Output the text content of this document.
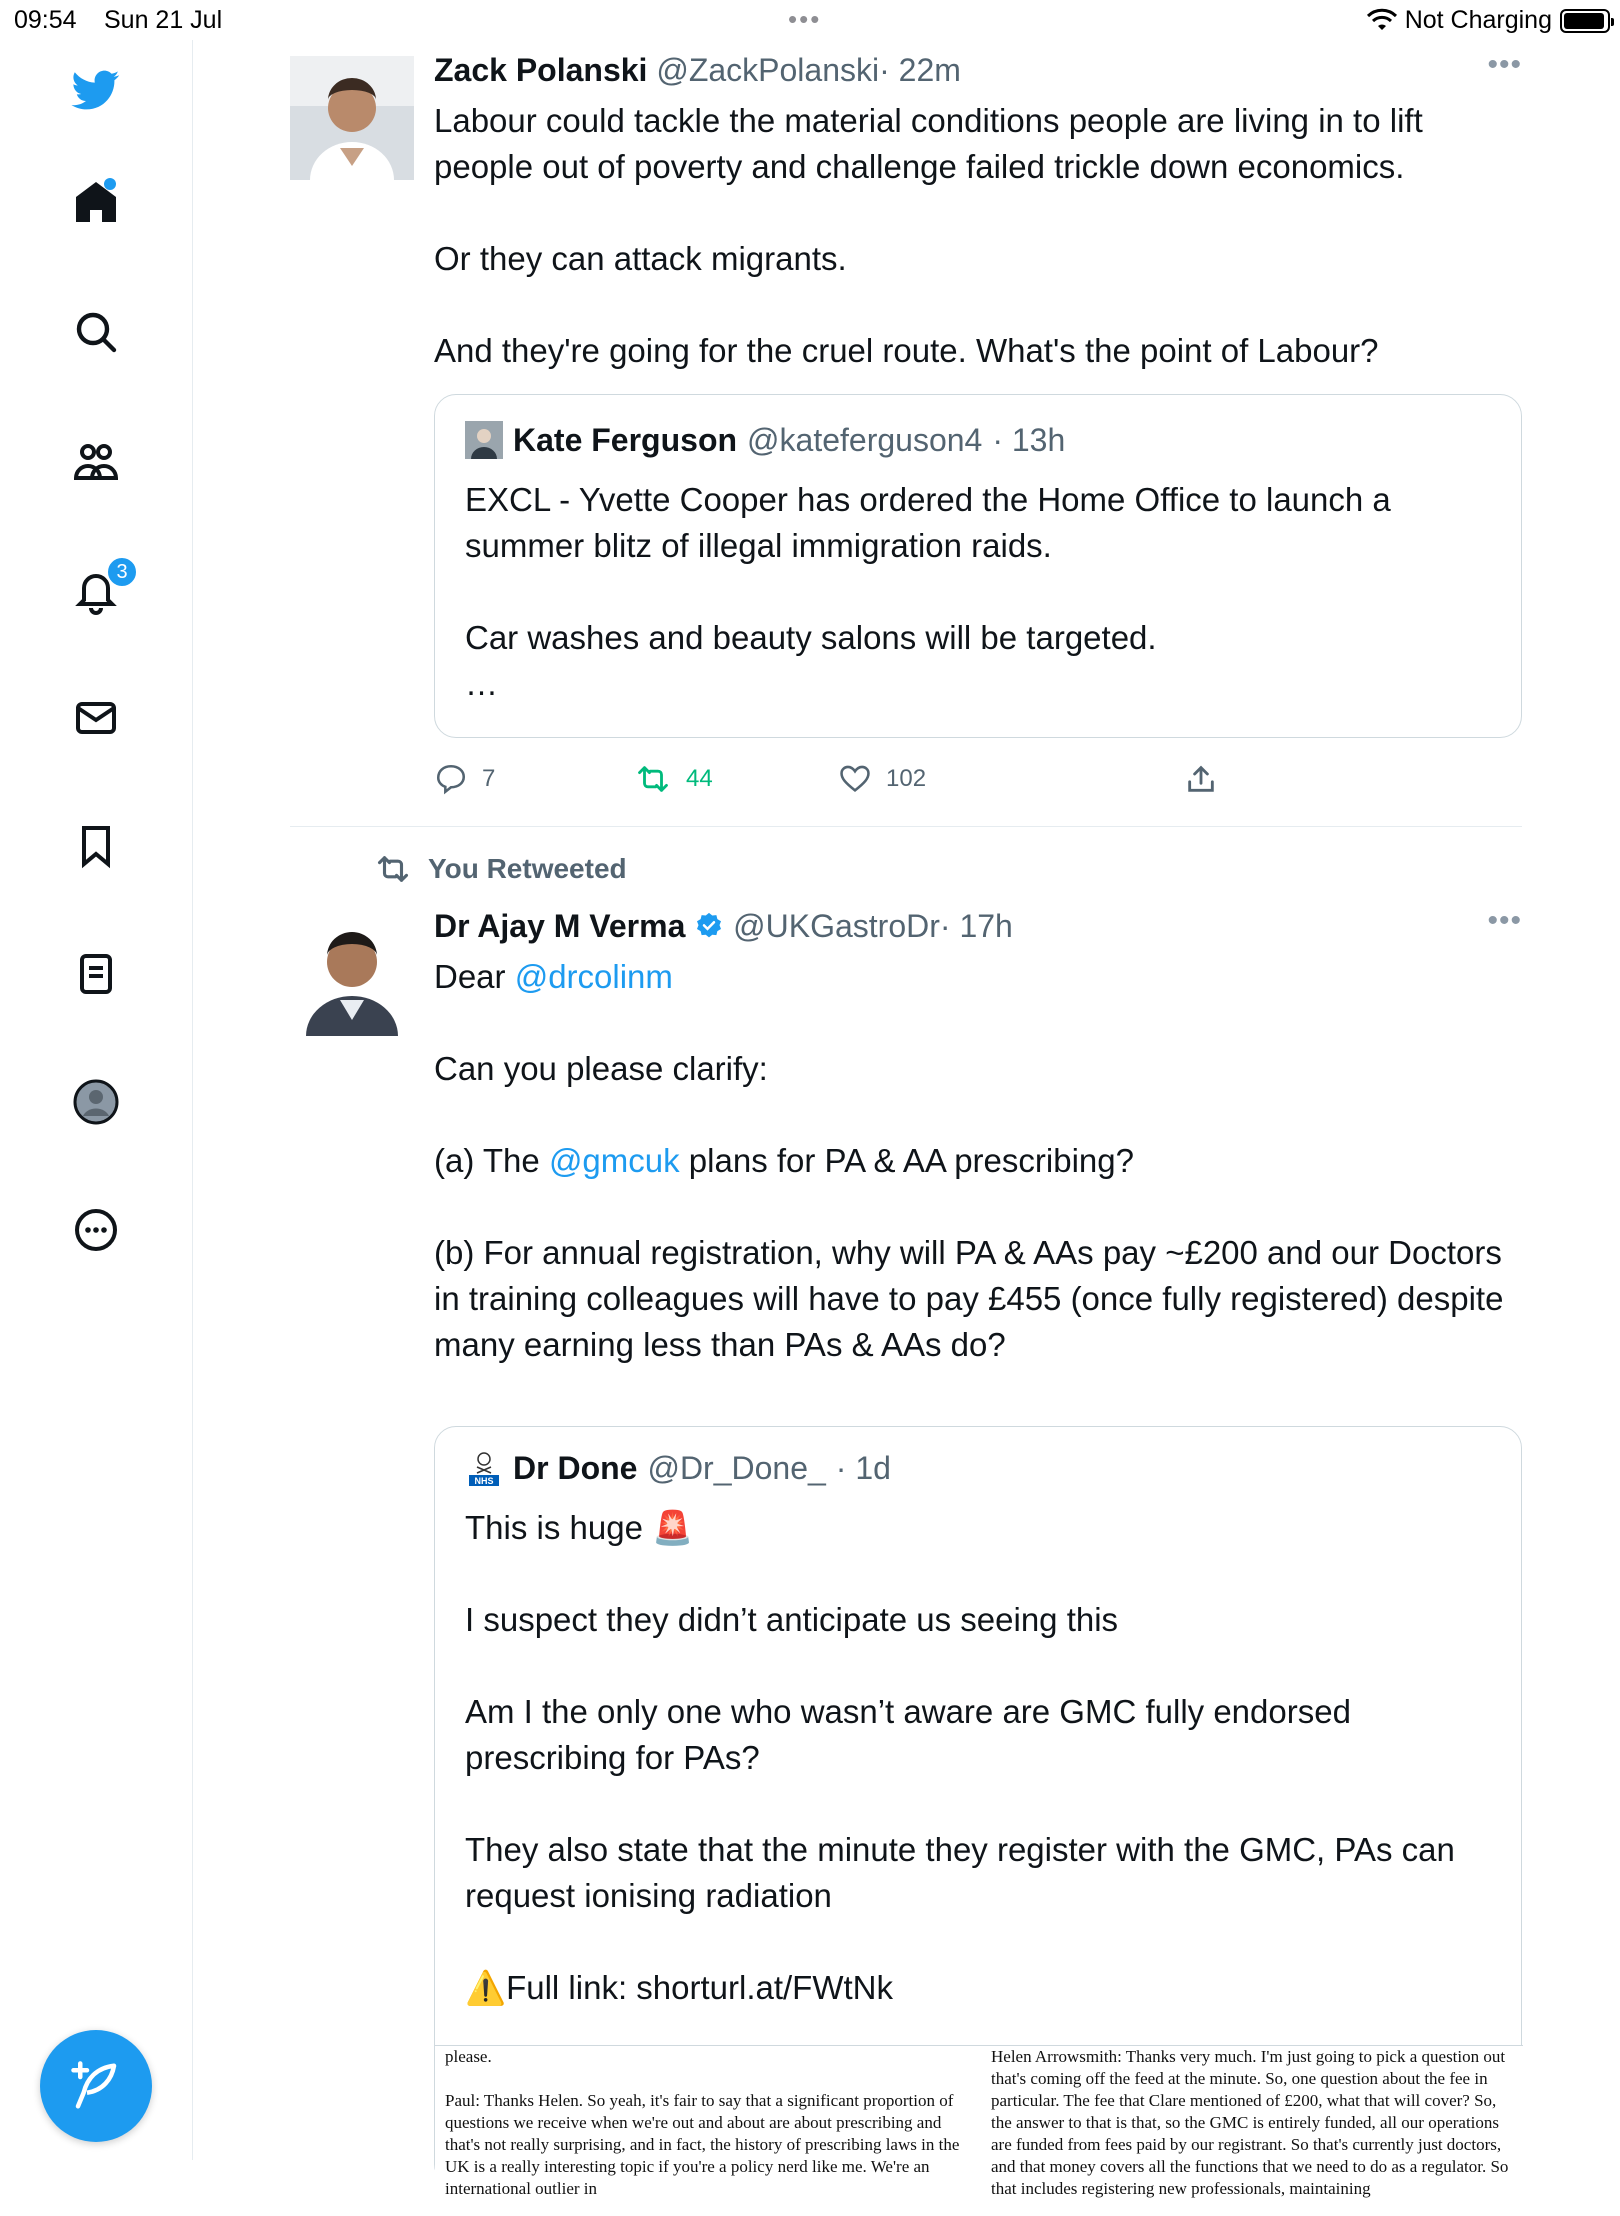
09:54 Sun 21 Jul	•••	Not Charging
3
Zack Polanski @ZackPolanski· 22m	•••
Labour could tackle the material conditions people are living in to lift people out of poverty and challenge failed trickle down economics.

Or they can attack migrants.

And they're going for the cruel route. What's the point of Labour?
Kate Ferguson @kateferguson4 · 13h
EXCL - Yvette Cooper has ordered the Home Office to launch a summer blitz of illegal immigration raids.

Car washes and beauty salons will be targeted.
…
7	44	102
You Retweeted
Dr Ajay M Verma @UKGastroDr· 17h	•••
Dear @drcolinm

Can you please clarify:

(a) The @gmcuk plans for PA & AA prescribing?

(b) For annual registration, why will PA & AAs pay ~£200 and our Doctors in training colleagues will have to pay £455 (once fully registered) despite many earning less than PAs & AAs do?
NHS Dr Done @Dr_Done_ · 1d
This is huge 🚨

I suspect they didn’t anticipate us seeing this

Am I the only one who wasn’t aware are GMC fully endorsed prescribing for PAs?

They also state that the minute they register with the GMC, PAs can request ionising radiation

⚠️Full link: shorturl.at/FWtNk
please.

Paul: Thanks Helen. So yeah, it's fair to say that a significant proportion of questions we receive when we're out and about are about prescribing and that's not really surprising, and in fact, the history of prescribing laws in the UK is a really interesting topic if you're a policy nerd like me. We're an international outlier in
Helen Arrowsmith: Thanks very much. I'm just going to pick a question out that's coming off the feed at the minute. So, one question about the fee in particular. The fee that Clare mentioned of £200, what that will cover? So, the answer to that is that, so the GMC is entirely funded, all our operations are funded from fees paid by our registrant. So that's currently just doctors, and that money covers all the functions that we need to do as a regulator. So that includes registering new professionals, maintaining
